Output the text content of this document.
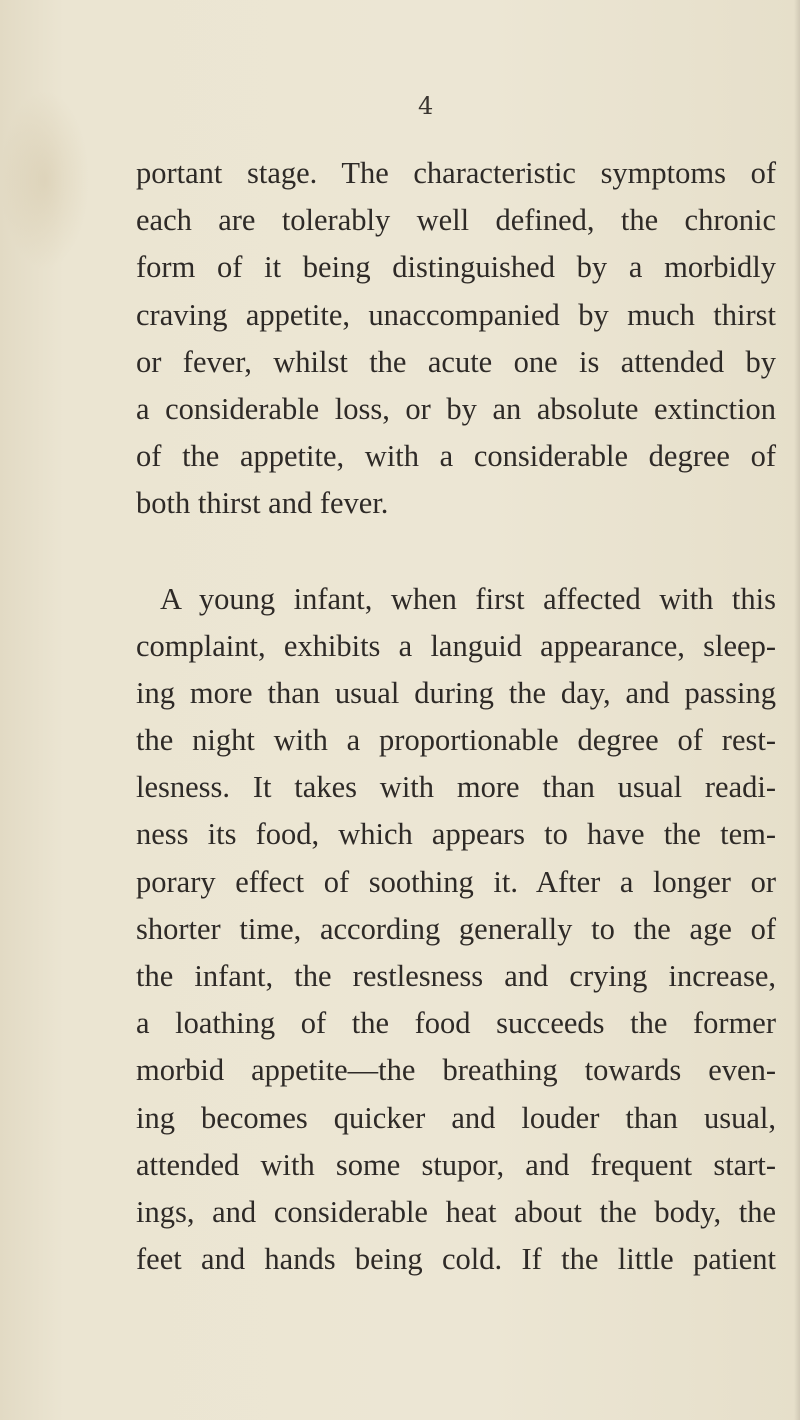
4
portant stage. The characteristic symptoms of
each are tolerably well defined, the chronic
form of it being distinguished by a morbidly
craving appetite, unaccompanied by much thirst
or fever, whilst the acute one is attended by
a considerable loss, or by an absolute extinction
of the appetite, with a considerable degree of
both thirst and fever.
A young infant, when first affected with this
complaint, exhibits a languid appearance, sleep-
ing more than usual during the day, and passing
the night with a proportionable degree of rest-
lesness. It takes with more than usual readi-
ness its food, which appears to have the tem-
porary effect of soothing it. After a longer or
shorter time, according generally to the age of
the infant, the restlesness and crying increase,
a loathing of the food succeeds the former
morbid appetite—the breathing towards even-
ing becomes quicker and louder than usual,
attended with some stupor, and frequent start-
ings, and considerable heat about the body, the
feet and hands being cold. If the little patient
